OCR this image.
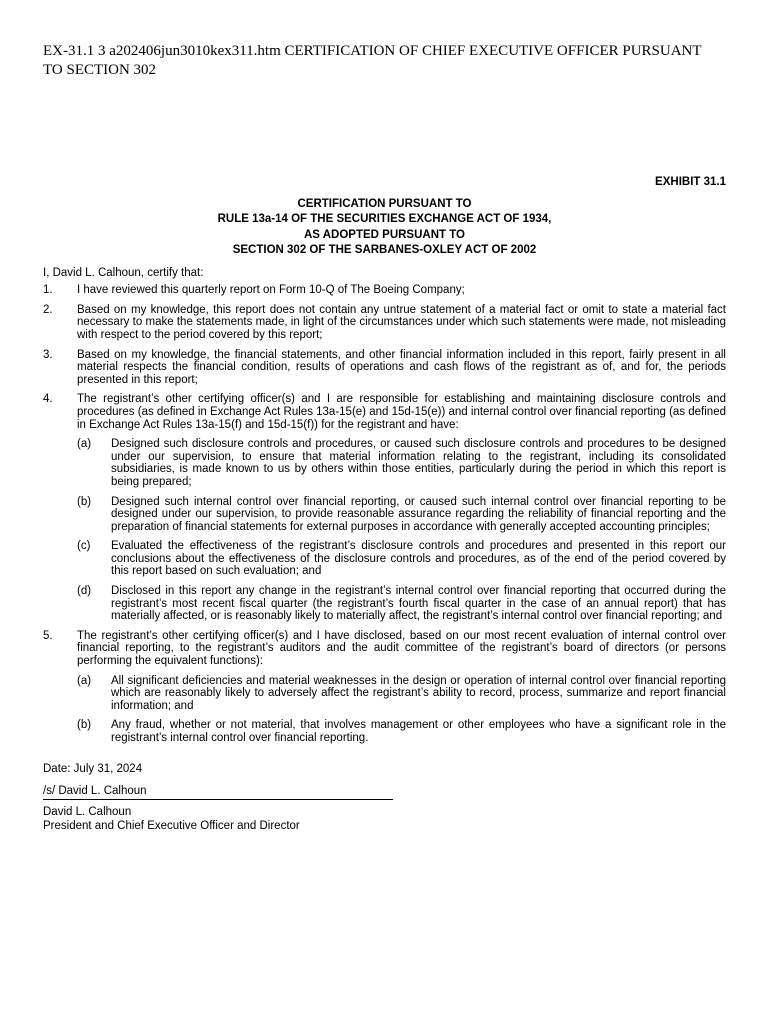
EX-31.1 3 a202406jun3010kex311.htm CERTIFICATION OF CHIEF EXECUTIVE OFFICER PURSUANT TO SECTION 302
EXHIBIT 31.1
CERTIFICATION PURSUANT TO
RULE 13a-14 OF THE SECURITIES EXCHANGE ACT OF 1934,
AS ADOPTED PURSUANT TO
SECTION 302 OF THE SARBANES-OXLEY ACT OF 2002
I, David L. Calhoun, certify that:
1.	I have reviewed this quarterly report on Form 10-Q of The Boeing Company;
2.	Based on my knowledge, this report does not contain any untrue statement of a material fact or omit to state a material fact necessary to make the statements made, in light of the circumstances under which such statements were made, not misleading with respect to the period covered by this report;
3.	Based on my knowledge, the financial statements, and other financial information included in this report, fairly present in all material respects the financial condition, results of operations and cash flows of the registrant as of, and for, the periods presented in this report;
4.	The registrant’s other certifying officer(s) and I are responsible for establishing and maintaining disclosure controls and procedures (as defined in Exchange Act Rules 13a-15(e) and 15d-15(e)) and internal control over financial reporting (as defined in Exchange Act Rules 13a-15(f) and 15d-15(f)) for the registrant and have:
(a)	Designed such disclosure controls and procedures, or caused such disclosure controls and procedures to be designed under our supervision, to ensure that material information relating to the registrant, including its consolidated subsidiaries, is made known to us by others within those entities, particularly during the period in which this report is being prepared;
(b)	Designed such internal control over financial reporting, or caused such internal control over financial reporting to be designed under our supervision, to provide reasonable assurance regarding the reliability of financial reporting and the preparation of financial statements for external purposes in accordance with generally accepted accounting principles;
(c)	Evaluated the effectiveness of the registrant’s disclosure controls and procedures and presented in this report our conclusions about the effectiveness of the disclosure controls and procedures, as of the end of the period covered by this report based on such evaluation; and
(d)	Disclosed in this report any change in the registrant’s internal control over financial reporting that occurred during the registrant’s most recent fiscal quarter (the registrant’s fourth fiscal quarter in the case of an annual report) that has materially affected, or is reasonably likely to materially affect, the registrant’s internal control over financial reporting; and
5.	The registrant’s other certifying officer(s) and I have disclosed, based on our most recent evaluation of internal control over financial reporting, to the registrant’s auditors and the audit committee of the registrant’s board of directors (or persons performing the equivalent functions):
(a)	All significant deficiencies and material weaknesses in the design or operation of internal control over financial reporting which are reasonably likely to adversely affect the registrant’s ability to record, process, summarize and report financial information; and
(b)	Any fraud, whether or not material, that involves management or other employees who have a significant role in the registrant’s internal control over financial reporting.
Date: July 31, 2024
/s/ David L. Calhoun
David L. Calhoun
President and Chief Executive Officer and Director
